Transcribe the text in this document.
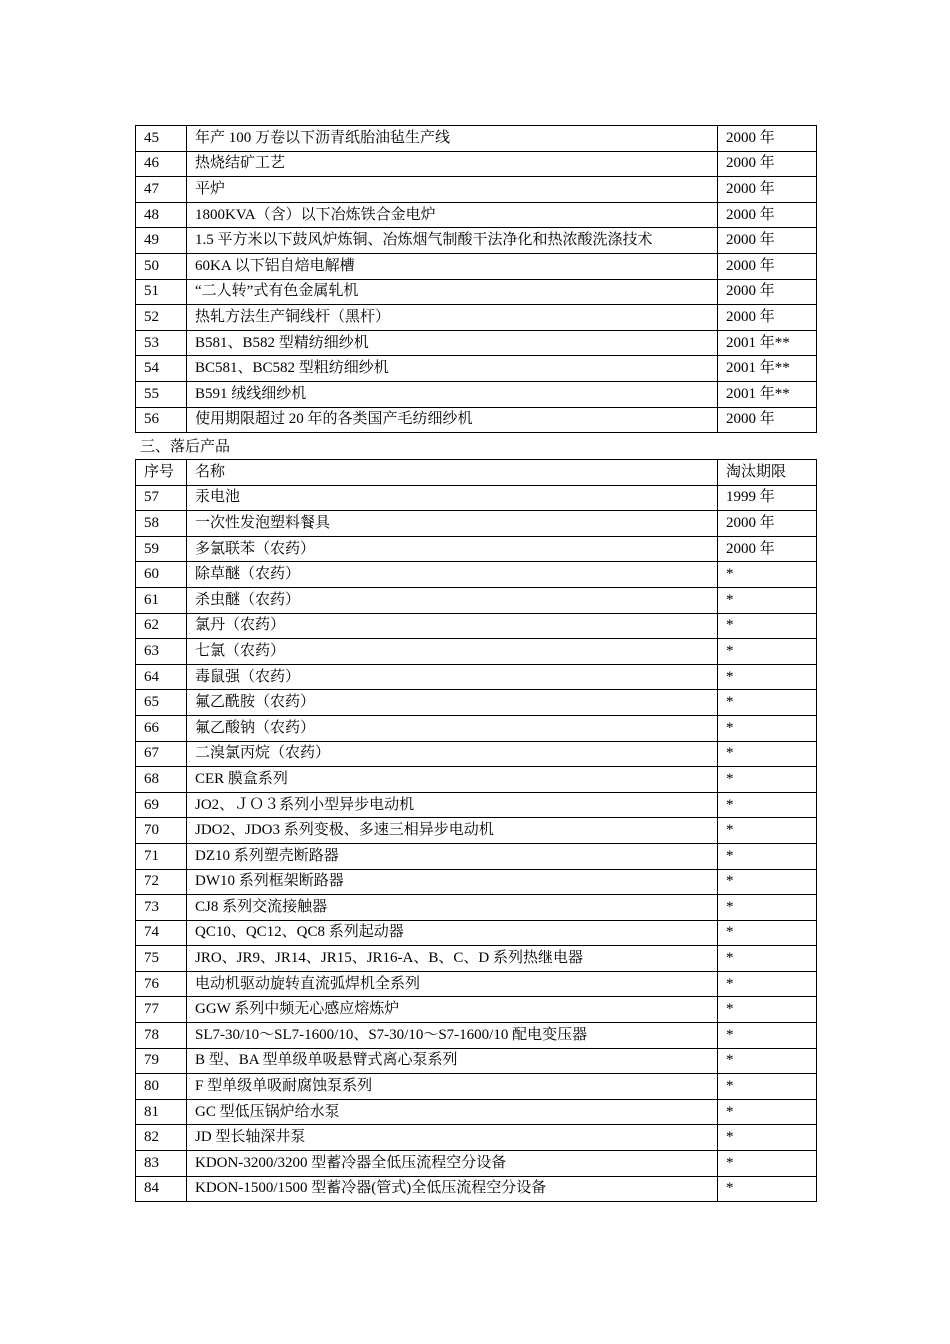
45	年产 100 万卷以下沥青纸胎油毡生产线	2000 年
46	热烧结矿工艺	2000 年
47	平炉	2000 年
48	1800KVA（含）以下冶炼铁合金电炉	2000 年
49	1.5 平方米以下鼓风炉炼铜、冶炼烟气制酸干法净化和热浓酸洗涤技术	2000 年
50	60KA 以下铝自焙电解槽	2000 年
51	“二人转”式有色金属轧机	2000 年
52	热轧方法生产铜线杆（黑杆）	2000 年
53	B581、B582 型精纺细纱机	2001 年**
54	BC581、BC582 型粗纺细纱机	2001 年**
55	B591 绒线细纱机	2001 年**
56	使用期限超过 20 年的各类国产毛纺细纱机	2000 年
三、落后产品
序号	名称	淘汰期限
57	汞电池	1999 年
58	一次性发泡塑料餐具	2000 年
59	多氯联苯（农药）	2000 年
60	除草醚（农药）	*
61	杀虫醚（农药）	*
62	氯丹（农药）	*
63	七氯（农药）	*
64	毒鼠强（农药）	*
65	氟乙酰胺（农药）	*
66	氟乙酸钠（农药）	*
67	二溴氯丙烷（农药）	*
68	CER 膜盒系列	*
69	JO2、ＪＯ３系列小型异步电动机	*
70	JDO2、JDO3 系列变极、多速三相异步电动机	*
71	DZ10 系列塑壳断路器	*
72	DW10 系列框架断路器	*
73	CJ8 系列交流接触器	*
74	QC10、QC12、QC8 系列起动器	*
75	JRO、JR9、JR14、JR15、JR16-A、B、C、D 系列热继电器	*
76	电动机驱动旋转直流弧焊机全系列	*
77	GGW 系列中频无心感应熔炼炉	*
78	SL7-30/10～SL7-1600/10、S7-30/10～S7-1600/10 配电变压器	*
79	B 型、BA 型单级单吸悬臂式离心泵系列	*
80	F 型单级单吸耐腐蚀泵系列	*
81	GC 型低压锅炉给水泵	*
82	JD 型长轴深井泵	*
83	KDON-3200/3200 型蓄冷器全低压流程空分设备	*
84	KDON-1500/1500 型蓄冷器(管式)全低压流程空分设备	*
